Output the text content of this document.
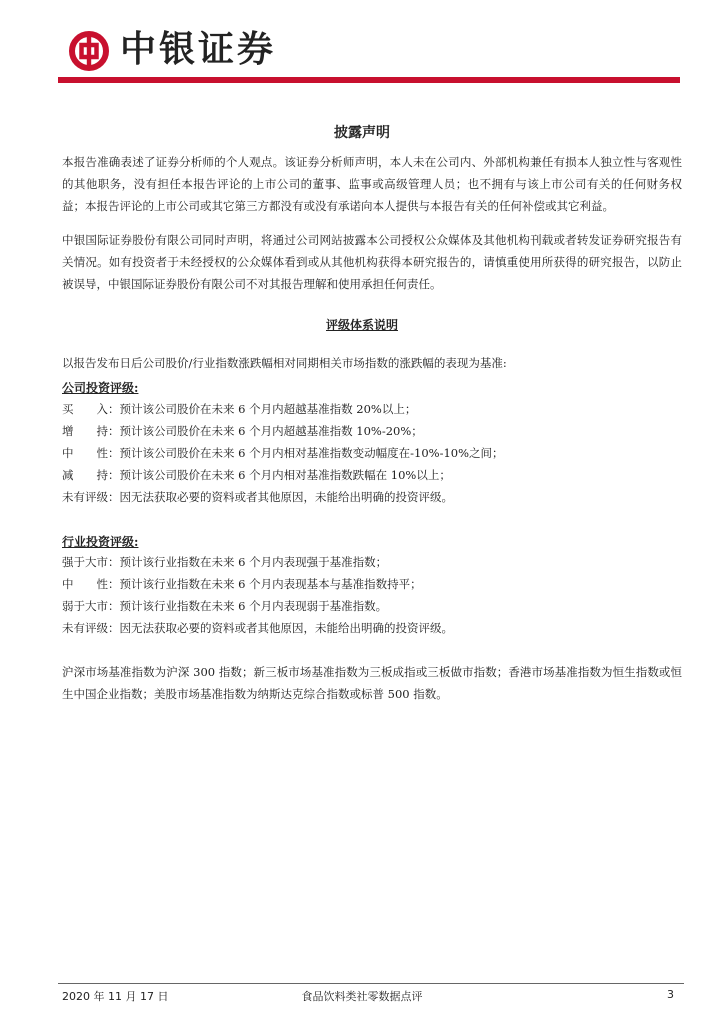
中银证券
披露声明

本报告准确表述了证券分析师的个人观点。该证券分析师声明，本人未在公司内、外部机构兼任有损本人独立性与客观性的其他职务，没有担任本报告评论的上市公司的董事、监事或高级管理人员；也不拥有与该上市公司有关的任何财务权益；本报告评论的上市公司或其它第三方都没有或没有承诺向本人提供与本报告有关的任何补偿或其它利益。

中银国际证券股份有限公司同时声明，将通过公司网站披露本公司授权公众媒体及其他机构刊载或者转发证券研究报告有关情况。如有投资者于未经授权的公众媒体看到或从其他机构获得本研究报告的，请慎重使用所获得的研究报告，以防止被误导，中银国际证券股份有限公司不对其报告理解和使用承担任何责任。

评级体系说明
以报告发布日后公司股价/行业指数涨跌幅相对同期相关市场指数的涨跌幅的表现为基准:
公司投资评级:
买　　入：预计该公司股价在未来 6 个月内超越基准指数 20%以上；
增　　持：预计该公司股价在未来 6 个月内超越基准指数 10%-20%；
中　　性：预计该公司股价在未来 6 个月内相对基准指数变动幅度在-10%-10%之间；
减　　持：预计该公司股价在未来 6 个月内相对基准指数跌幅在 10%以上；
未有评级：因无法获取必要的资料或者其他原因，未能给出明确的投资评级。
行业投资评级:
强于大市：预计该行业指数在未来 6 个月内表现强于基准指数；
中　　性：预计该行业指数在未来 6 个月内表现基本与基准指数持平；
弱于大市：预计该行业指数在未来 6 个月内表现弱于基准指数。
未有评级：因无法获取必要的资料或者其他原因，未能给出明确的投资评级。

沪深市场基准指数为沪深 300 指数；新三板市场基准指数为三板成指或三板做市指数；香港市场基准指数为恒生指数或恒生中国企业指数；美股市场基准指数为纳斯达克综合指数或标普 500 指数。

2020 年 11 月 17 日	食品饮料类社零数据点评	3
